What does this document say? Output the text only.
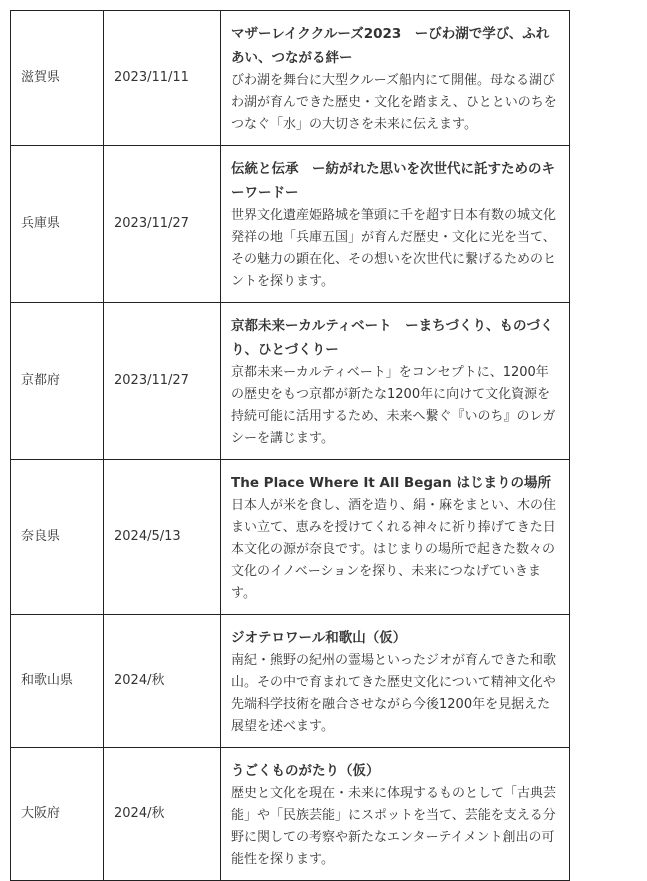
滋賀県	2023/11/11	マザーレイククルーズ2023　ーびわ湖で学び、ふれあい、つながる絆ー
びわ湖を舞台に大型クルーズ船内にて開催。母なる湖びわ湖が育んできた歴史・文化を踏まえ、ひとといのちをつなぐ「水」の大切さを未来に伝えます。

兵庫県	2023/11/27	伝統と伝承　ー紡がれた思いを次世代に託すためのキーワードー
世界文化遺産姫路城を筆頭に千を超す日本有数の城文化発祥の地「兵庫五国」が育んだ歴史・文化に光を当て、その魅力の顕在化、その想いを次世代に繋げるためのヒントを探ります。

京都府	2023/11/27	京都未来ーカルティベート　ーまちづくり、ものづくり、ひとづくりー
京都未来ーカルティベート」をコンセプトに、1200年の歴史をもつ京都が新たな1200年に向けて文化資源を持続可能に活用するため、未来へ繋ぐ『いのち』のレガシーを講じます。

奈良県	2024/5/13	The Place Where It All Began はじまりの場所
日本人が米を食し、酒を造り、絹・麻をまとい、木の住まい立て、恵みを授けてくれる神々に祈り捧げてきた日本文化の源が奈良です。はじまりの場所で起きた数々の文化のイノベーションを探り、未来につなげていきます。

和歌山県	2024/秋	ジオテロワール和歌山（仮）
南紀・熊野の紀州の霊場といったジオが育んできた和歌山。その中で育まれてきた歴史文化について精神文化や先端科学技術を融合させながら今後1200年を見据えた展望を述べます。

大阪府	2024/秋	うごくものがたり（仮）
歴史と文化を現在・未来に体現するものとして「古典芸能」や「民族芸能」にスポットを当て、芸能を支える分野に関しての考察や新たなエンターテイメント創出の可能性を探ります。
